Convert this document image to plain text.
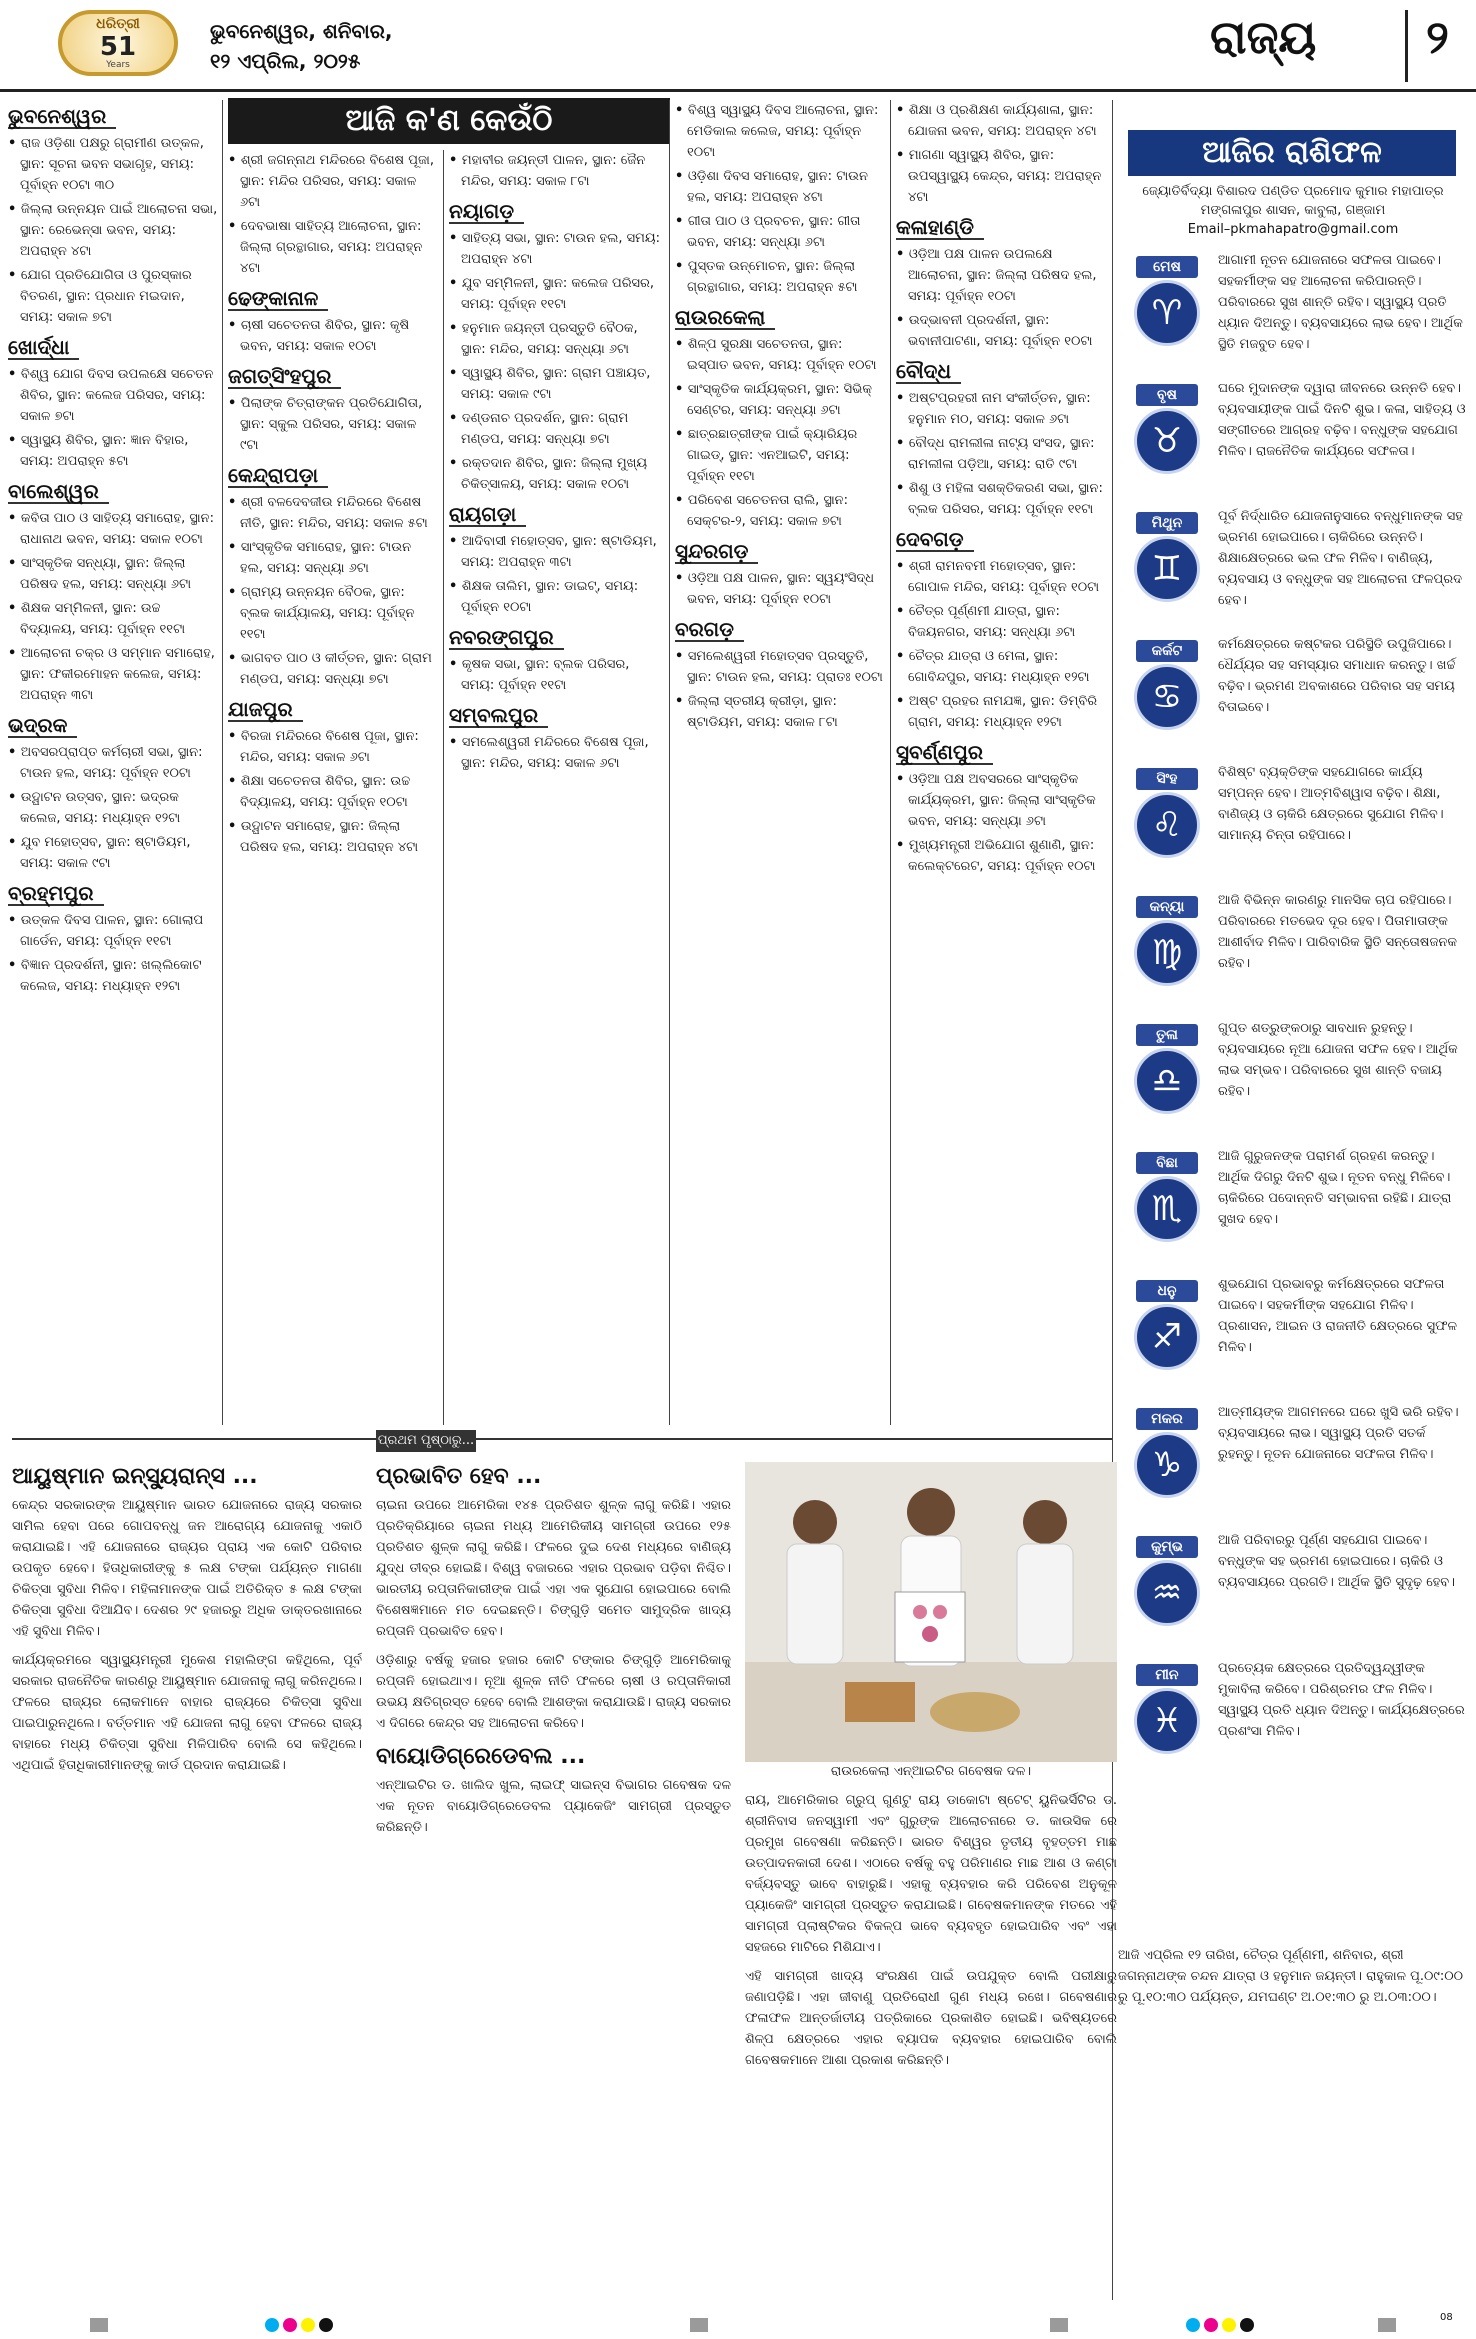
ଧରିତ୍ରୀ
51
Years
ଭୁବନେଶ୍ୱର, ଶନିବାର,
୧୨ ଏପ୍ରିଲ, ୨୦୨୫	ରାଜ୍ୟ	୨
ଆଜି କ'ଣ କେଉଁଠି
ଭୁବନେଶ୍ୱର
• ରାଜ ଓଡ଼ିଶା ପକ୍ଷରୁ ଗ୍ରାମୀଣ ଉତ୍କଳ, ସ୍ଥାନ: ସୂଚନା ଭବନ ସଭାଗୃହ, ସମୟ: ପୂର୍ବାହ୍ନ ୧୦ଟା ୩୦
• ଜିଲ୍ଲା ଉନ୍ନୟନ ପାଇଁ ଆଲୋଚନା ସଭା, ସ୍ଥାନ: ରେଭେନ୍ସା ଭବନ, ସମୟ: ଅପରାହ୍ନ ୪ଟା
• ଯୋଗ ପ୍ରତିଯୋଗିତା ଓ ପୁରସ୍କାର ବିତରଣ, ସ୍ଥାନ: ପ୍ରଧାନ ମଇଦାନ, ସମୟ: ସକାଳ ୭ଟା
ଖୋର୍ଦ୍ଧା
• ବିଶ୍ୱ ଯୋଗ ଦିବସ ଉପଲକ୍ଷେ ସଚେତନ ଶିବିର, ସ୍ଥାନ: କଲେଜ ପରିସର, ସମୟ: ସକାଳ ୭ଟା
• ସ୍ୱାସ୍ଥ୍ୟ ଶିବିର, ସ୍ଥାନ: ଜ୍ଞାନ ବିହାର, ସମୟ: ଅପରାହ୍ନ ୫ଟା
ବାଲେଶ୍ୱର
• କବିତା ପାଠ ଓ ସାହିତ୍ୟ ସମାରୋହ, ସ୍ଥାନ: ରାଧାନାଥ ଭବନ, ସମୟ: ସକାଳ ୧୦ଟା
• ସାଂସ୍କୃତିକ ସନ୍ଧ୍ୟା, ସ୍ଥାନ: ଜିଲ୍ଲା ପରିଷଦ ହଲ, ସମୟ: ସନ୍ଧ୍ୟା ୬ଟା
• ଶିକ୍ଷକ ସମ୍ମିଳନୀ, ସ୍ଥାନ: ଉଚ୍ଚ ବିଦ୍ୟାଳୟ, ସମୟ: ପୂର୍ବାହ୍ନ ୧୧ଟା
• ଆଲୋଚନା ଚକ୍ର ଓ ସମ୍ମାନ ସମାରୋହ, ସ୍ଥାନ: ଫକୀରମୋହନ କଲେଜ, ସମୟ: ଅପରାହ୍ନ ୩ଟା
ଭଦ୍ରକ
• ଅବସରପ୍ରାପ୍ତ କର୍ମଚାରୀ ସଭା, ସ୍ଥାନ: ଟାଉନ ହଲ, ସମୟ: ପୂର୍ବାହ୍ନ ୧୦ଟା
• ଉଦ୍ଘାଟନ ଉତ୍ସବ, ସ୍ଥାନ: ଭଦ୍ରକ କଲେଜ, ସମୟ: ମଧ୍ୟାହ୍ନ ୧୨ଟା
• ଯୁବ ମହୋତ୍ସବ, ସ୍ଥାନ: ଷ୍ଟାଡିୟମ, ସମୟ: ସକାଳ ୯ଟା
ବ୍ରହ୍ମପୁର
• ଉତ୍କଳ ଦିବସ ପାଳନ, ସ୍ଥାନ: ଗୋଲାପ ଗାର୍ଡେନ, ସମୟ: ପୂର୍ବାହ୍ନ ୧୧ଟା
• ବିଜ୍ଞାନ ପ୍ରଦର୍ଶନୀ, ସ୍ଥାନ: ଖଲ୍ଲିକୋଟ କଲେଜ, ସମୟ: ମଧ୍ୟାହ୍ନ ୧୨ଟା
• ଶ୍ରୀ ଜଗନ୍ନାଥ ମନ୍ଦିରରେ ବିଶେଷ ପୂଜା, ସ୍ଥାନ: ମନ୍ଦିର ପରିସର, ସମୟ: ସକାଳ ୬ଟା
• ଦେବଭାଷା ସାହିତ୍ୟ ଆଲୋଚନା, ସ୍ଥାନ: ଜିଲ୍ଲା ଗ୍ରନ୍ଥାଗାର, ସମୟ: ଅପରାହ୍ନ ୪ଟା
ଢେଙ୍କାନାଳ
• ଚାଷୀ ସଚେତନତା ଶିବିର, ସ୍ଥାନ: କୃଷି ଭବନ, ସମୟ: ସକାଳ ୧୦ଟା
ଜଗତ୍‌ସିଂହପୁର
• ପିଲାଙ୍କ ଚିତ୍ରାଙ୍କନ ପ୍ରତିଯୋଗିତା, ସ୍ଥାନ: ସ୍କୁଲ ପରିସର, ସମୟ: ସକାଳ ୯ଟା
କେନ୍ଦ୍ରାପଡ଼ା
• ଶ୍ରୀ ବଳଦେବଜୀଉ ମନ୍ଦିରରେ ବିଶେଷ ନୀତି, ସ୍ଥାନ: ମନ୍ଦିର, ସମୟ: ସକାଳ ୫ଟା
• ସାଂସ୍କୃତିକ ସମାରୋହ, ସ୍ଥାନ: ଟାଉନ ହଲ, ସମୟ: ସନ୍ଧ୍ୟା ୬ଟା
• ଗ୍ରାମ୍ୟ ଉନ୍ନୟନ ବୈଠକ, ସ୍ଥାନ: ବ୍ଲକ କାର୍ଯ୍ୟାଳୟ, ସମୟ: ପୂର୍ବାହ୍ନ ୧୧ଟା
• ଭାଗବତ ପାଠ ଓ କୀର୍ତ୍ତନ, ସ୍ଥାନ: ଗ୍ରାମ ମଣ୍ଡପ, ସମୟ: ସନ୍ଧ୍ୟା ୭ଟା
ଯାଜପୁର
• ବିରଜା ମନ୍ଦିରରେ ବିଶେଷ ପୂଜା, ସ୍ଥାନ: ମନ୍ଦିର, ସମୟ: ସକାଳ ୬ଟା
• ଶିକ୍ଷା ସଚେତନତା ଶିବିର, ସ୍ଥାନ: ଉଚ୍ଚ ବିଦ୍ୟାଳୟ, ସମୟ: ପୂର୍ବାହ୍ନ ୧୦ଟା
• ଉଦ୍ଘାଟନ ସମାରୋହ, ସ୍ଥାନ: ଜିଲ୍ଲା ପରିଷଦ ହଲ, ସମୟ: ଅପରାହ୍ନ ୪ଟା
• ମହାବୀର ଜୟନ୍ତୀ ପାଳନ, ସ୍ଥାନ: ଜୈନ ମନ୍ଦିର, ସମୟ: ସକାଳ ୮ଟା
ନୟାଗଡ଼
• ସାହିତ୍ୟ ସଭା, ସ୍ଥାନ: ଟାଉନ ହଲ, ସମୟ: ଅପରାହ୍ନ ୪ଟା
• ଯୁବ ସମ୍ମିଳନୀ, ସ୍ଥାନ: କଲେଜ ପରିସର, ସମୟ: ପୂର୍ବାହ୍ନ ୧୧ଟା
• ହନୁମାନ ଜୟନ୍ତୀ ପ୍ରସ୍ତୁତି ବୈଠକ, ସ୍ଥାନ: ମନ୍ଦିର, ସମୟ: ସନ୍ଧ୍ୟା ୬ଟା
• ସ୍ୱାସ୍ଥ୍ୟ ଶିବିର, ସ୍ଥାନ: ଗ୍ରାମ ପଞ୍ଚାୟତ, ସମୟ: ସକାଳ ୯ଟା
• ଦଣ୍ଡନାଚ ପ୍ରଦର୍ଶନ, ସ୍ଥାନ: ଗ୍ରାମ ମଣ୍ଡପ, ସମୟ: ସନ୍ଧ୍ୟା ୭ଟା
• ରକ୍ତଦାନ ଶିବିର, ସ୍ଥାନ: ଜିଲ୍ଲା ମୁଖ୍ୟ ଚିକିତ୍ସାଳୟ, ସମୟ: ସକାଳ ୧୦ଟା
ରାୟଗଡ଼ା
• ଆଦିବାସୀ ମହୋତ୍ସବ, ସ୍ଥାନ: ଷ୍ଟାଡିୟମ, ସମୟ: ଅପରାହ୍ନ ୩ଟା
• ଶିକ୍ଷକ ତାଲିମ, ସ୍ଥାନ: ଡାଇଟ୍, ସମୟ: ପୂର୍ବାହ୍ନ ୧୦ଟା
ନବରଙ୍ଗପୁର
• କୃଷକ ସଭା, ସ୍ଥାନ: ବ୍ଲକ ପରିସର, ସମୟ: ପୂର୍ବାହ୍ନ ୧୧ଟା
ସମ୍ବଲପୁର
• ସମଲେଶ୍ୱରୀ ମନ୍ଦିରରେ ବିଶେଷ ପୂଜା, ସ୍ଥାନ: ମନ୍ଦିର, ସମୟ: ସକାଳ ୬ଟା
• ବିଶ୍ୱ ସ୍ୱାସ୍ଥ୍ୟ ଦିବସ ଆଲୋଚନା, ସ୍ଥାନ: ମେଡିକାଲ କଲେଜ, ସମୟ: ପୂର୍ବାହ୍ନ ୧୦ଟା
• ଓଡ଼ିଶା ଦିବସ ସମାରୋହ, ସ୍ଥାନ: ଟାଉନ ହଲ, ସମୟ: ଅପରାହ୍ନ ୪ଟା
• ଗୀତା ପାଠ ଓ ପ୍ରବଚନ, ସ୍ଥାନ: ଗୀତା ଭବନ, ସମୟ: ସନ୍ଧ୍ୟା ୬ଟା
• ପୁସ୍ତକ ଉନ୍ମୋଚନ, ସ୍ଥାନ: ଜିଲ୍ଲା ଗ୍ରନ୍ଥାଗାର, ସମୟ: ଅପରାହ୍ନ ୫ଟା
ରାଉରକେଲା
• ଶିଳ୍ପ ସୁରକ୍ଷା ସଚେତନତା, ସ୍ଥାନ: ଇସ୍ପାତ ଭବନ, ସମୟ: ପୂର୍ବାହ୍ନ ୧୦ଟା
• ସାଂସ୍କୃତିକ କାର୍ଯ୍ୟକ୍ରମ, ସ୍ଥାନ: ସିଭିକ୍ ସେଣ୍ଟର, ସମୟ: ସନ୍ଧ୍ୟା ୬ଟା
• ଛାତ୍ରଛାତ୍ରୀଙ୍କ ପାଇଁ କ୍ୟାରିୟର ଗାଇଡ୍, ସ୍ଥାନ: ଏନଆଇଟି, ସମୟ: ପୂର୍ବାହ୍ନ ୧୧ଟା
• ପରିବେଶ ସଚେତନତା ରାଲି, ସ୍ଥାନ: ସେକ୍ଟର-୨, ସମୟ: ସକାଳ ୭ଟା
ସୁନ୍ଦରଗଡ଼
• ଓଡ଼ିଆ ପକ୍ଷ ପାଳନ, ସ୍ଥାନ: ସ୍ୱୟଂସିଦ୍ଧ ଭବନ, ସମୟ: ପୂର୍ବାହ୍ନ ୧୦ଟା
ବରଗଡ଼
• ସମଲେଶ୍ୱରୀ ମହୋତ୍ସବ ପ୍ରସ୍ତୁତି, ସ୍ଥାନ: ଟାଉନ ହଲ, ସମୟ: ପ୍ରାତଃ ୧୦ଟା
• ଜିଲ୍ଲା ସ୍ତରୀୟ କ୍ରୀଡ଼ା, ସ୍ଥାନ: ଷ୍ଟାଡିୟମ, ସମୟ: ସକାଳ ୮ଟା
• ଶିକ୍ଷା ଓ ପ୍ରଶିକ୍ଷଣ କାର୍ଯ୍ୟଶାଳା, ସ୍ଥାନ: ଯୋଜନା ଭବନ, ସମୟ: ଅପରାହ୍ନ ୪ଟା
• ମାଗଣା ସ୍ୱାସ୍ଥ୍ୟ ଶିବିର, ସ୍ଥାନ: ଉପସ୍ୱାସ୍ଥ୍ୟ କେନ୍ଦ୍ର, ସମୟ: ଅପରାହ୍ନ ୪ଟା
କଳାହାଣ୍ଡି
• ଓଡ଼ିଆ ପକ୍ଷ ପାଳନ ଉପଲକ୍ଷେ ଆଲୋଚନା, ସ୍ଥାନ: ଜିଲ୍ଲା ପରିଷଦ ହଲ, ସମୟ: ପୂର୍ବାହ୍ନ ୧୦ଟା
• ଉଦ୍ଭାବନୀ ପ୍ରଦର୍ଶନୀ, ସ୍ଥାନ: ଭବାନୀପାଟଣା, ସମୟ: ପୂର୍ବାହ୍ନ ୧୦ଟା
ବୌଦ୍ଧ
• ଅଷ୍ଟପ୍ରହରୀ ନାମ ସଂକୀର୍ତ୍ତନ, ସ୍ଥାନ: ହନୁମାନ ମଠ, ସମୟ: ସକାଳ ୬ଟା
• ବୌଦ୍ଧ ରାମଲୀଳା ନାଟ୍ୟ ସଂସଦ, ସ୍ଥାନ: ରାମଲୀଳା ପଡ଼ିଆ, ସମୟ: ରାତି ୯ଟା
• ଶିଶୁ ଓ ମହିଳା ସଶକ୍ତିକରଣ ସଭା, ସ୍ଥାନ: ବ୍ଲକ ପରିସର, ସମୟ: ପୂର୍ବାହ୍ନ ୧୧ଟା
ଦେବଗଡ଼
• ଶ୍ରୀ ରାମନବମୀ ମହୋତ୍ସବ, ସ୍ଥାନ: ଗୋପାଳ ମନ୍ଦିର, ସମୟ: ପୂର୍ବାହ୍ନ ୧୦ଟା
• ଚୈତ୍ର ପୂର୍ଣ୍ଣମୀ ଯାତ୍ରା, ସ୍ଥାନ: ବିଜୟନଗର, ସମୟ: ସନ୍ଧ୍ୟା ୬ଟା
• ଚୈତ୍ର ଯାତ୍ରା ଓ ମେଳା, ସ୍ଥାନ: ଗୋବିନ୍ଦପୁର, ସମୟ: ମଧ୍ୟାହ୍ନ ୧୨ଟା
• ଅଷ୍ଟ ପ୍ରହର ନାମଯଜ୍ଞ, ସ୍ଥାନ: ଡିମ୍ବିରି ଗ୍ରାମ, ସମୟ: ମଧ୍ୟାହ୍ନ ୧୨ଟା
ସୁବର୍ଣ୍ଣପୁର
• ଓଡ଼ିଆ ପକ୍ଷ ଅବସରରେ ସାଂସ୍କୃତିକ କାର୍ଯ୍ୟକ୍ରମ, ସ୍ଥାନ: ଜିଲ୍ଲା ସାଂସ୍କୃତିକ ଭବନ, ସମୟ: ସନ୍ଧ୍ୟା ୬ଟା
• ମୁଖ୍ୟମନ୍ତ୍ରୀ ଅଭିଯୋଗ ଶୁଣାଣି, ସ୍ଥାନ: କଲେକ୍ଟରେଟ, ସମୟ: ପୂର୍ବାହ୍ନ ୧୦ଟା
ଆଜିର ରାଶିଫଳ
ଜ୍ୟୋତିର୍ବିଦ୍ୟା ବିଶାରଦ ପଣ୍ଡିତ ପ୍ରମୋଦ କୁମାର ମହାପାତ୍ର
ମଙ୍ଗଳାପୁର ଶାସନ, କାବୁଲା, ଗଞ୍ଜାମ
Email–pkmahapatro@gmail.com
ଆଗାମୀ ନୂତନ ଯୋଜନାରେ ସଫଳତା ପାଇବେ। ସହକର୍ମୀଙ୍କ ସହ ଆଲୋଚନା କରିପାରନ୍ତି। ପରିବାରରେ ସୁଖ ଶାନ୍ତି ରହିବ। ସ୍ୱାସ୍ଥ୍ୟ ପ୍ରତି ଧ୍ୟାନ ଦିଅନ୍ତୁ। ବ୍ୟବସାୟରେ ଲାଭ ହେବ। ଆର୍ଥିକ ସ୍ଥିତି ମଜବୁତ ହେବ।
ମେଷ
♈
ଘରେ ମୁଦାନଙ୍କ ଦ୍ୱାରା ଜୀବନରେ ଉନ୍ନତି ହେବ। ବ୍ୟବସାୟୀଙ୍କ ପାଇଁ ଦିନଟି ଶୁଭ। କଳା, ସାହିତ୍ୟ ଓ ସଙ୍ଗୀତରେ ଆଗ୍ରହ ବଢ଼ିବ। ବନ୍ଧୁଙ୍କ ସହଯୋଗ ମିଳିବ। ରାଜନୈତିକ କାର୍ଯ୍ୟରେ ସଫଳତା।
ବୃଷ
♉
ପୂର୍ବ ନିର୍ଦ୍ଧାରିତ ଯୋଜନାନୁସାରେ ବନ୍ଧୁମାନଙ୍କ ସହ ଭ୍ରମଣ ହୋଇପାରେ। ଚାକିରିରେ ଉନ୍ନତି। ଶିକ୍ଷାକ୍ଷେତ୍ରରେ ଭଲ ଫଳ ମିଳିବ। ବାଣିଜ୍ୟ, ବ୍ୟବସାୟ ଓ ବନ୍ଧୁଙ୍କ ସହ ଆଲୋଚନା ଫଳପ୍ରଦ ହେବ।
ମିଥୁନ
♊
କର୍ମକ୍ଷେତ୍ରରେ କଷ୍ଟକର ପରିସ୍ଥିତି ଉପୁଜିପାରେ। ଧୈର୍ଯ୍ୟର ସହ ସମସ୍ୟାର ସମାଧାନ କରନ୍ତୁ। ଖର୍ଚ୍ଚ ବଢ଼ିବ। ଭ୍ରମଣ ଅବକାଶରେ ପରିବାର ସହ ସମୟ ବିତାଇବେ।
କର୍କଟ
♋
ବିଶିଷ୍ଟ ବ୍ୟକ୍ତିଙ୍କ ସହଯୋଗରେ କାର୍ଯ୍ୟ ସମ୍ପନ୍ନ ହେବ। ଆତ୍ମବିଶ୍ୱାସ ବଢ଼ିବ। ଶିକ୍ଷା, ବାଣିଜ୍ୟ ଓ ଚାକିରି କ୍ଷେତ୍ରରେ ସୁଯୋଗ ମିଳିବ। ସାମାନ୍ୟ ଚିନ୍ତା ରହିପାରେ।
ସିଂହ
♌
ଆଜି ବିଭିନ୍ନ କାରଣରୁ ମାନସିକ ଚାପ ରହିପାରେ। ପରିବାରରେ ମତଭେଦ ଦୂର ହେବ। ପିତାମାତାଙ୍କ ଆଶୀର୍ବାଦ ମିଳିବ। ପାରିବାରିକ ସ୍ଥିତି ସନ୍ତୋଷଜନକ ରହିବ।
କନ୍ୟା
♍
ଗୁପ୍ତ ଶତ୍ରୁଙ୍କଠାରୁ ସାବଧାନ ରୁହନ୍ତୁ। ବ୍ୟବସାୟରେ ନୂଆ ଯୋଜନା ସଫଳ ହେବ। ଆର୍ଥିକ ଲାଭ ସମ୍ଭବ। ପରିବାରରେ ସୁଖ ଶାନ୍ତି ବଜାୟ ରହିବ।
ତୁଳା
♎
ଆଜି ଗୁରୁଜନଙ୍କ ପରାମର୍ଶ ଗ୍ରହଣ କରନ୍ତୁ। ଆର୍ଥିକ ଦିଗରୁ ଦିନଟି ଶୁଭ। ନୂତନ ବନ୍ଧୁ ମିଳିବେ। ଚାକିରିରେ ପଦୋନ୍ନତି ସମ୍ଭାବନା ରହିଛି। ଯାତ୍ରା ସୁଖଦ ହେବ।
ବିଛା
♏
ଶୁଭଯୋଗ ପ୍ରଭାବରୁ କର୍ମକ୍ଷେତ୍ରରେ ସଫଳତା ପାଇବେ। ସହକର୍ମୀଙ୍କ ସହଯୋଗ ମିଳିବ। ପ୍ରଶାସନ, ଆଇନ ଓ ରାଜନୀତି କ୍ଷେତ୍ରରେ ସୁଫଳ ମିଳିବ।
ଧନୁ
♐
ଆତ୍ମୀୟଙ୍କ ଆଗମନରେ ଘରେ ଖୁସି ଭରି ରହିବ। ବ୍ୟବସାୟରେ ଲାଭ। ସ୍ୱାସ୍ଥ୍ୟ ପ୍ରତି ସତର୍କ ରୁହନ୍ତୁ। ନୂତନ ଯୋଜନାରେ ସଫଳତା ମିଳିବ।
ମକର
♑
ଆଜି ପରିବାରରୁ ପୂର୍ଣ୍ଣ ସହଯୋଗ ପାଇବେ। ବନ୍ଧୁଙ୍କ ସହ ଭ୍ରମଣ ହୋଇପାରେ। ଚାକିରି ଓ ବ୍ୟବସାୟରେ ପ୍ରଗତି। ଆର୍ଥିକ ସ୍ଥିତି ସୁଦୃଢ଼ ହେବ।
କୁମ୍ଭ
♒
ପ୍ରତ୍ୟେକ କ୍ଷେତ୍ରରେ ପ୍ରତିଦ୍ୱନ୍ଦ୍ୱୀଙ୍କ ମୁକାବିଲା କରିବେ। ପରିଶ୍ରମର ଫଳ ମିଳିବ। ସ୍ୱାସ୍ଥ୍ୟ ପ୍ରତି ଧ୍ୟାନ ଦିଅନ୍ତୁ। କାର୍ଯ୍ୟକ୍ଷେତ୍ରରେ ପ୍ରଶଂସା ମିଳିବ।
ମୀନ
♓
ଆଜି ଏପ୍ରିଲ ୧୨ ତାରିଖ, ଚୈତ୍ର ପୂର୍ଣ୍ଣମୀ, ଶନିବାର, ଶ୍ରୀ ଜଗନ୍ନାଥଙ୍କ ଚନ୍ଦନ ଯାତ୍ରା ଓ ହନୁମାନ ଜୟନ୍ତୀ। ରାହୁକାଳ ପୂ.୦୯:୦୦ ରୁ ପୂ.୧୦:୩୦ ପର୍ଯ୍ୟନ୍ତ, ଯମଘଣ୍ଟ ଅ.୦୧:୩୦ ରୁ ଅ.୦୩:୦୦।
ପ୍ରଥମ ପୃଷ୍ଠାରୁ...
ଆୟୁଷ୍ମାନ ଇନ୍ସ୍ୟୁରାନ୍ସ ...
କେନ୍ଦ୍ର ସରକାରଙ୍କ ଆୟୁଷ୍ମାନ ଭାରତ ଯୋଜନାରେ ରାଜ୍ୟ ସରକାର ସାମିଲ ହେବା ପରେ ଗୋପବନ୍ଧୁ ଜନ ଆରୋଗ୍ୟ ଯୋଜନାକୁ ଏକାଠି କରାଯାଇଛି। ଏହି ଯୋଜନାରେ ରାଜ୍ୟର ପ୍ରାୟ ଏକ କୋଟି ପରିବାର ଉପକୃତ ହେବେ। ହିତାଧିକାରୀଙ୍କୁ ୫ ଲକ୍ଷ ଟଙ୍କା ପର୍ଯ୍ୟନ୍ତ ମାଗଣା ଚିକିତ୍ସା ସୁବିଧା ମିଳିବ। ମହିଳାମାନଙ୍କ ପାଇଁ ଅତିରିକ୍ତ ୫ ଲକ୍ଷ ଟଙ୍କା ଚିକିତ୍ସା ସୁବିଧା ଦିଆଯିବ। ଦେଶର ୨୯ ହଜାରରୁ ଅଧିକ ଡାକ୍ତରଖାନାରେ ଏହି ସୁବିଧା ମିଳିବ।
କାର୍ଯ୍ୟକ୍ରମରେ ସ୍ୱାସ୍ଥ୍ୟମନ୍ତ୍ରୀ ମୁକେଶ ମହାଲିଙ୍ଗ କହିଥିଲେ, ପୂର୍ବ ସରକାର ରାଜନୈତିକ କାରଣରୁ ଆୟୁଷ୍ମାନ ଯୋଜନାକୁ ଲାଗୁ କରିନଥିଲେ। ଫଳରେ ରାଜ୍ୟର ଲୋକମାନେ ବାହାର ରାଜ୍ୟରେ ଚିକିତ୍ସା ସୁବିଧା ପାଇପାରୁନଥିଲେ। ବର୍ତ୍ତମାନ ଏହି ଯୋଜନା ଲାଗୁ ହେବା ଫଳରେ ରାଜ୍ୟ ବାହାରେ ମଧ୍ୟ ଚିକିତ୍ସା ସୁବିଧା ମିଳିପାରିବ ବୋଲି ସେ କହିଥିଲେ। ଏଥିପାଇଁ ହିତାଧିକାରୀମାନଙ୍କୁ କାର୍ଡ ପ୍ରଦାନ କରାଯାଇଛି।
ପ୍ରଭାବିତ ହେବ ...
ଚାଇନା ଉପରେ ଆମେରିକା ୧୪୫ ପ୍ରତିଶତ ଶୁଳ୍କ ଲାଗୁ କରିଛି। ଏହାର ପ୍ରତିକ୍ରିୟାରେ ଚାଇନା ମଧ୍ୟ ଆମେରିକୀୟ ସାମଗ୍ରୀ ଉପରେ ୧୨୫ ପ୍ରତିଶତ ଶୁଳ୍କ ଲାଗୁ କରିଛି। ଫଳରେ ଦୁଇ ଦେଶ ମଧ୍ୟରେ ବାଣିଜ୍ୟ ଯୁଦ୍ଧ ତୀବ୍ର ହୋଇଛି। ବିଶ୍ୱ ବଜାରରେ ଏହାର ପ୍ରଭାବ ପଡ଼ିବା ନିଶ୍ଚିତ। ଭାରତୀୟ ରପ୍ତାନିକାରୀଙ୍କ ପାଇଁ ଏହା ଏକ ସୁଯୋଗ ହୋଇପାରେ ବୋଲି ବିଶେଷଜ୍ଞମାନେ ମତ ଦେଇଛନ୍ତି। ଚିଙ୍ଗୁଡ଼ି ସମେତ ସାମୁଦ୍ରିକ ଖାଦ୍ୟ ରପ୍ତାନି ପ୍ରଭାବିତ ହେବ।
ଓଡ଼ିଶାରୁ ବର୍ଷକୁ ହଜାର ହଜାର କୋଟି ଟଙ୍କାର ଚିଙ୍ଗୁଡ଼ି ଆମେରିକାକୁ ରପ୍ତାନି ହୋଇଥାଏ। ନୂଆ ଶୁଳ୍କ ନୀତି ଫଳରେ ଚାଷୀ ଓ ରପ୍ତାନିକାରୀ ଉଭୟ କ୍ଷତିଗ୍ରସ୍ତ ହେବେ ବୋଲି ଆଶଙ୍କା କରାଯାଉଛି। ରାଜ୍ୟ ସରକାର ଏ ଦିଗରେ କେନ୍ଦ୍ର ସହ ଆଲୋଚନା କରିବେ।
ବାୟୋଡିଗ୍ରେଡେବଲ ...
ଏନ୍ଆଇଟିର ଡ. ଖାଲିଦ ଖୁଲ, ଲାଇଫ୍ ସାଇନ୍ସ ବିଭାଗର ଗବେଷକ ଦଳ ଏକ ନୂତନ ବାୟୋଡିଗ୍ରେଡେବଲ ପ୍ୟାକେଜିଂ ସାମଗ୍ରୀ ପ୍ରସ୍ତୁତ କରିଛନ୍ତି।
ରାଉରକେଲା ଏନ୍ଆଇଟିର ଗବେଷକ ଦଳ।
ରାୟ, ଆମେରିକାର ଗ୍ରୁପ୍ ଗୁଣଟୁ ରାୟ ଡାକୋଟା ଷ୍ଟେଟ୍ ୟୁନିଭର୍ସିଟିର ଡ. ଶ୍ରୀନିବାସ ଜନସ୍ୱାମୀ ଏବଂ ଗୁରୁଙ୍କ ଆଲୋଚନାରେ ଡ. କାଉସିକ ରେ ପ୍ରମୁଖ ଗବେଷଣା କରିଛନ୍ତି। ଭାରତ ବିଶ୍ୱର ତୃତୀୟ ବୃହତ୍ତମ ମାଛ ଉତ୍ପାଦନକାରୀ ଦେଶ। ଏଠାରେ ବର୍ଷକୁ ବହୁ ପରିମାଣର ମାଛ ଆଶ ଓ କଣ୍ଟା ବର୍ଜ୍ୟବସ୍ତୁ ଭାବେ ବାହାରୁଛି। ଏହାକୁ ବ୍ୟବହାର କରି ପରିବେଶ ଅନୁକୂଳ ପ୍ୟାକେଜିଂ ସାମଗ୍ରୀ ପ୍ରସ୍ତୁତ କରାଯାଇଛି। ଗବେଷକମାନଙ୍କ ମତରେ ଏହି ସାମଗ୍ରୀ ପ୍ଲାଷ୍ଟିକର ବିକଳ୍ପ ଭାବେ ବ୍ୟବହୃତ ହୋଇପାରିବ ଏବଂ ଏହା ସହଜରେ ମାଟିରେ ମିଶିଯାଏ।
ଏହି ସାମଗ୍ରୀ ଖାଦ୍ୟ ସଂରକ୍ଷଣ ପାଇଁ ଉପଯୁକ୍ତ ବୋଲି ପରୀକ୍ଷାରୁ ଜଣାପଡ଼ିଛି। ଏହା ଜୀବାଣୁ ପ୍ରତିରୋଧୀ ଗୁଣ ମଧ୍ୟ ରଖେ। ଗବେଷଣାର ଫଳାଫଳ ଆନ୍ତର୍ଜାତୀୟ ପତ୍ରିକାରେ ପ୍ରକାଶିତ ହୋଇଛି। ଭବିଷ୍ୟତରେ ଶିଳ୍ପ କ୍ଷେତ୍ରରେ ଏହାର ବ୍ୟାପକ ବ୍ୟବହାର ହୋଇପାରିବ ବୋଲି ଗବେଷକମାନେ ଆଶା ପ୍ରକାଶ କରିଛନ୍ତି।
08
